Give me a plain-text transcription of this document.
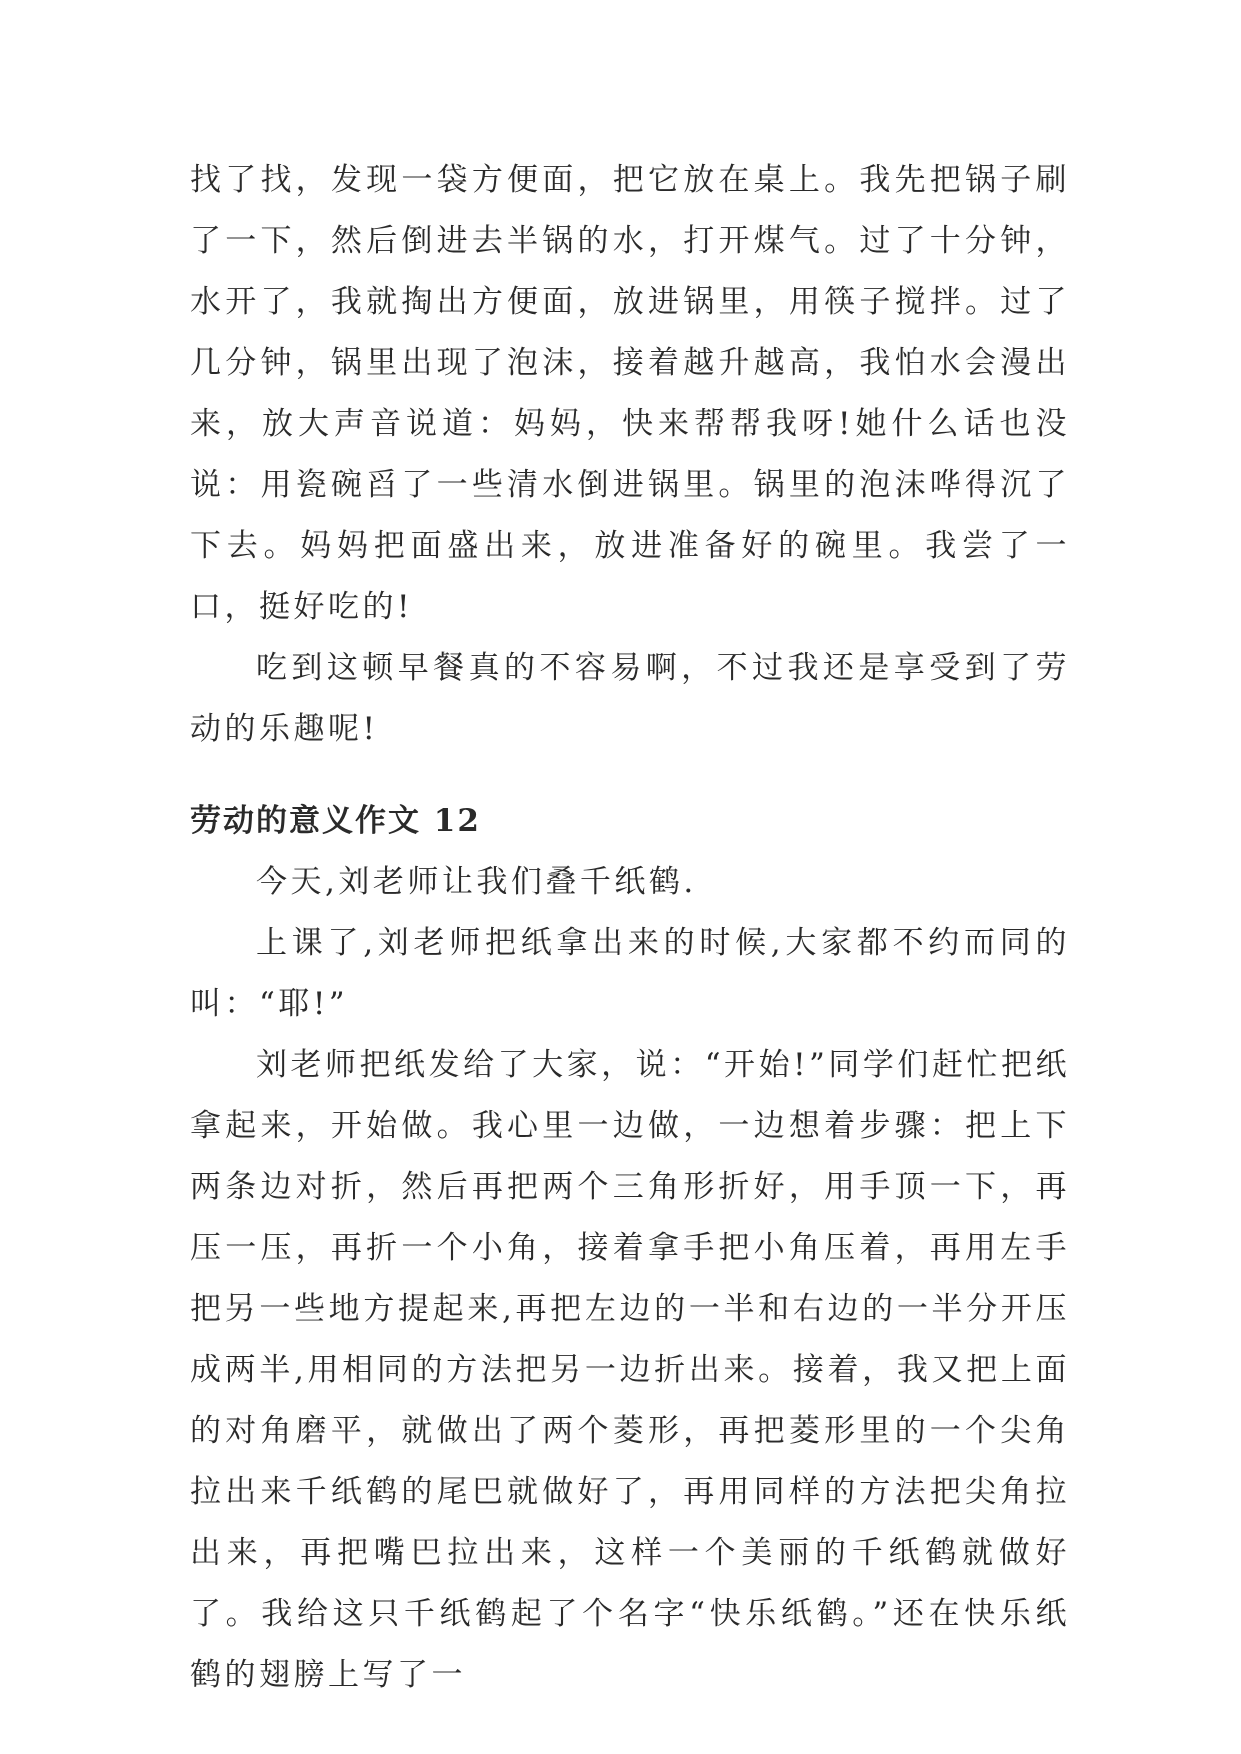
找了找，发现一袋方便面，把它放在桌上。我先把锅子刷了一下，然后倒进去半锅的水，打开煤气。过了十分钟，水开了，我就掏出方便面，放进锅里，用筷子搅拌。过了几分钟，锅里出现了泡沫，接着越升越高，我怕水会漫出来，放大声音说道：妈妈，快来帮帮我呀!她什么话也没说：用瓷碗舀了一些清水倒进锅里。锅里的泡沫哗得沉了下去。妈妈把面盛出来，放进准备好的碗里。我尝了一口，挺好吃的!

吃到这顿早餐真的不容易啊，不过我还是享受到了劳动的乐趣呢!

劳动的意义作文 12

今天,刘老师让我们叠千纸鹤.

上课了,刘老师把纸拿出来的时候,大家都不约而同的叫：“耶!”

刘老师把纸发给了大家，说：“开始!”同学们赶忙把纸拿起来，开始做。我心里一边做，一边想着步骤：把上下两条边对折，然后再把两个三角形折好，用手顶一下，再压一压，再折一个小角，接着拿手把小角压着，再用左手把另一些地方提起来,再把左边的一半和右边的一半分开压成两半,用相同的方法把另一边折出来。接着，我又把上面的对角磨平，就做出了两个菱形，再把菱形里的一个尖角拉出来千纸鹤的尾巴就做好了，再用同样的方法把尖角拉出来，再把嘴巴拉出来，这样一个美丽的千纸鹤就做好了。我给这只千纸鹤起了个名字“快乐纸鹤。”还在快乐纸鹤的翅膀上写了一
